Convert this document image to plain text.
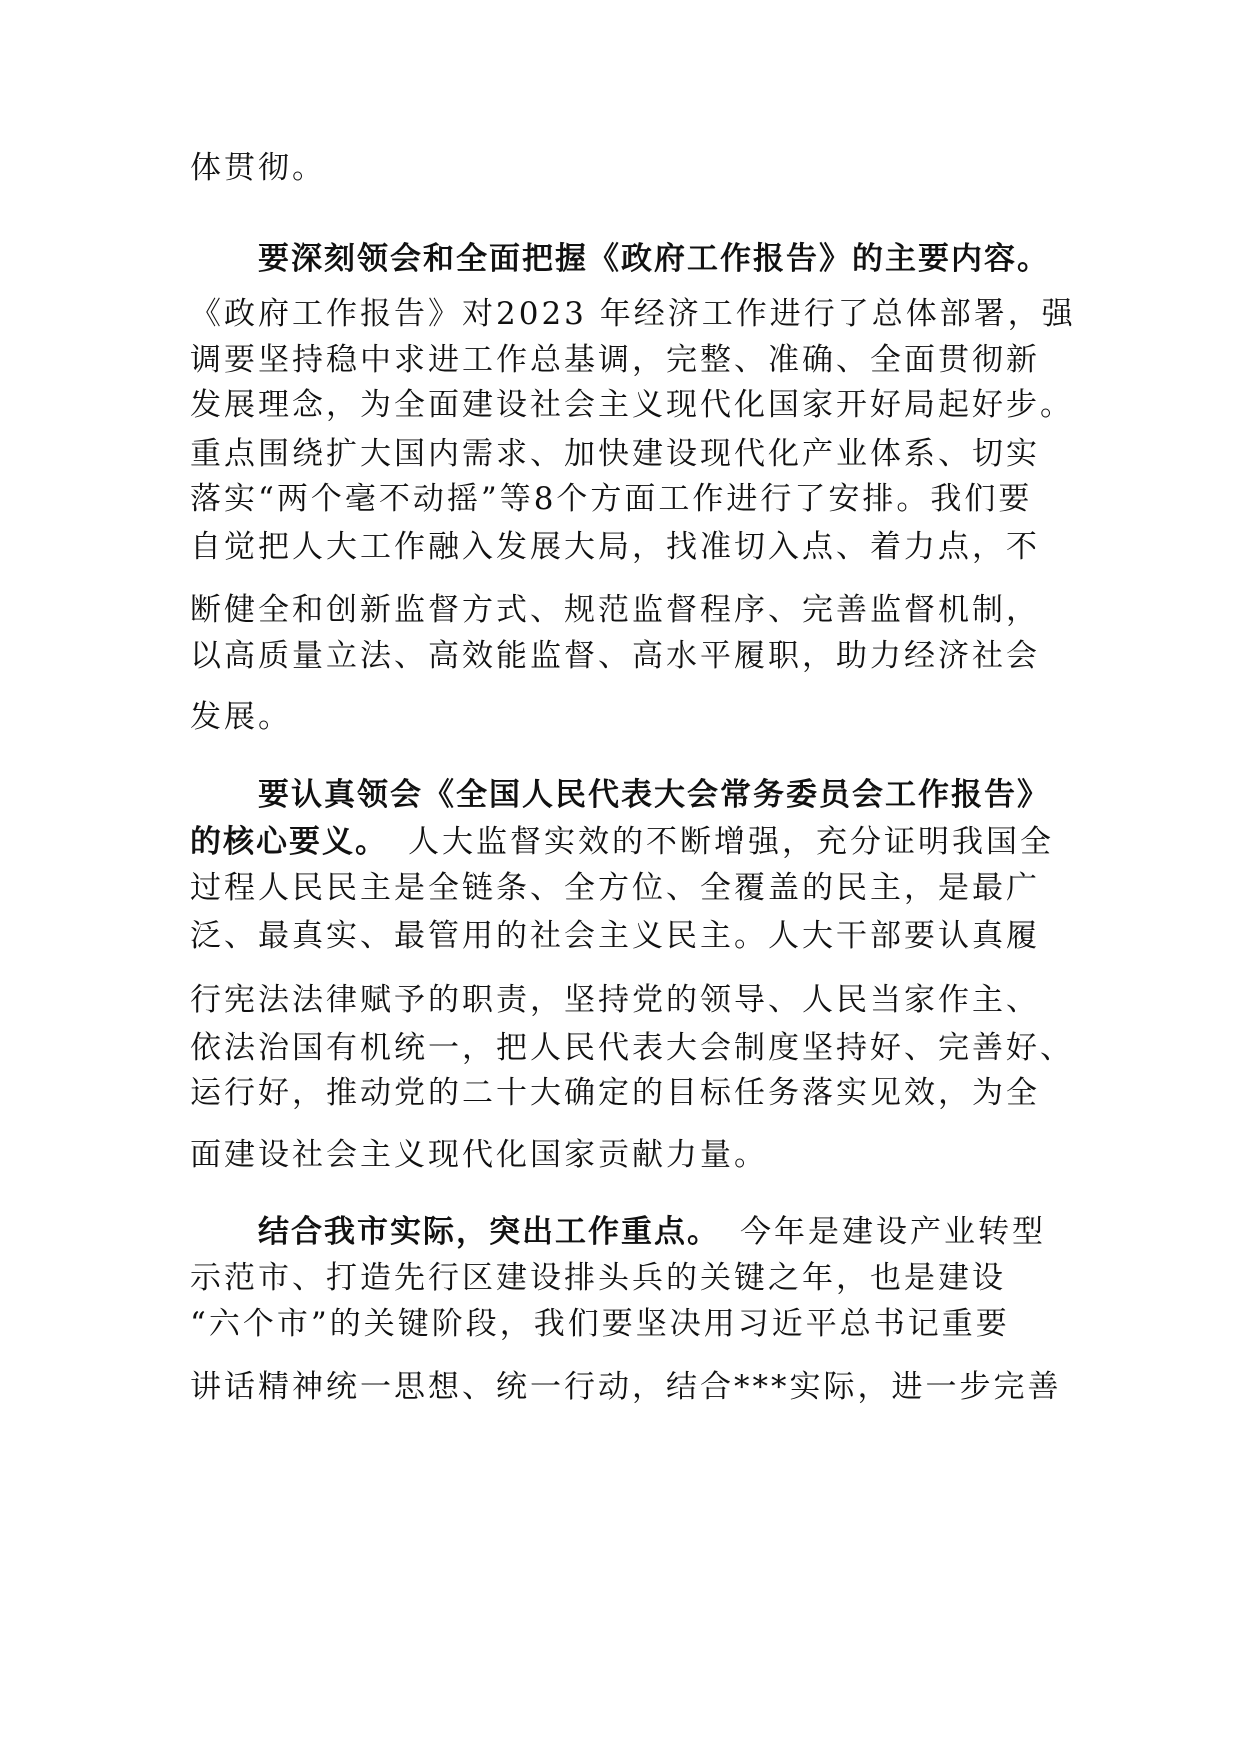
体贯彻。
要深刻领会和全面把握《政府工作报告》的主要内容。
《政府工作报告》对2023 年经济工作进行了总体部署，强
调要坚持稳中求进工作总基调，完整、准确、全面贯彻新
发展理念，为全面建设社会主义现代化国家开好局起好步。
重点围绕扩大国内需求、加快建设现代化产业体系、切实
落实“两个毫不动摇”等8个方面工作进行了安排。我们要
自觉把人大工作融入发展大局，找准切入点、着力点，不
断健全和创新监督方式、规范监督程序、完善监督机制，
以高质量立法、高效能监督、高水平履职，助力经济社会
发展。
要认真领会《全国人民代表大会常务委员会工作报告》
的核心要义。 人大监督实效的不断增强，充分证明我国全
过程人民民主是全链条、全方位、全覆盖的民主，是最广
泛、最真实、最管用的社会主义民主。人大干部要认真履
行宪法法律赋予的职责，坚持党的领导、人民当家作主、
依法治国有机统一，把人民代表大会制度坚持好、完善好、
运行好，推动党的二十大确定的目标任务落实见效，为全
面建设社会主义现代化国家贡献力量。
结合我市实际，突出工作重点。 今年是建设产业转型
示范市、打造先行区建设排头兵的关键之年，也是建设
“六个市”的关键阶段，我们要坚决用习近平总书记重要
讲话精神统一思想、统一行动，结合***实际，进一步完善
